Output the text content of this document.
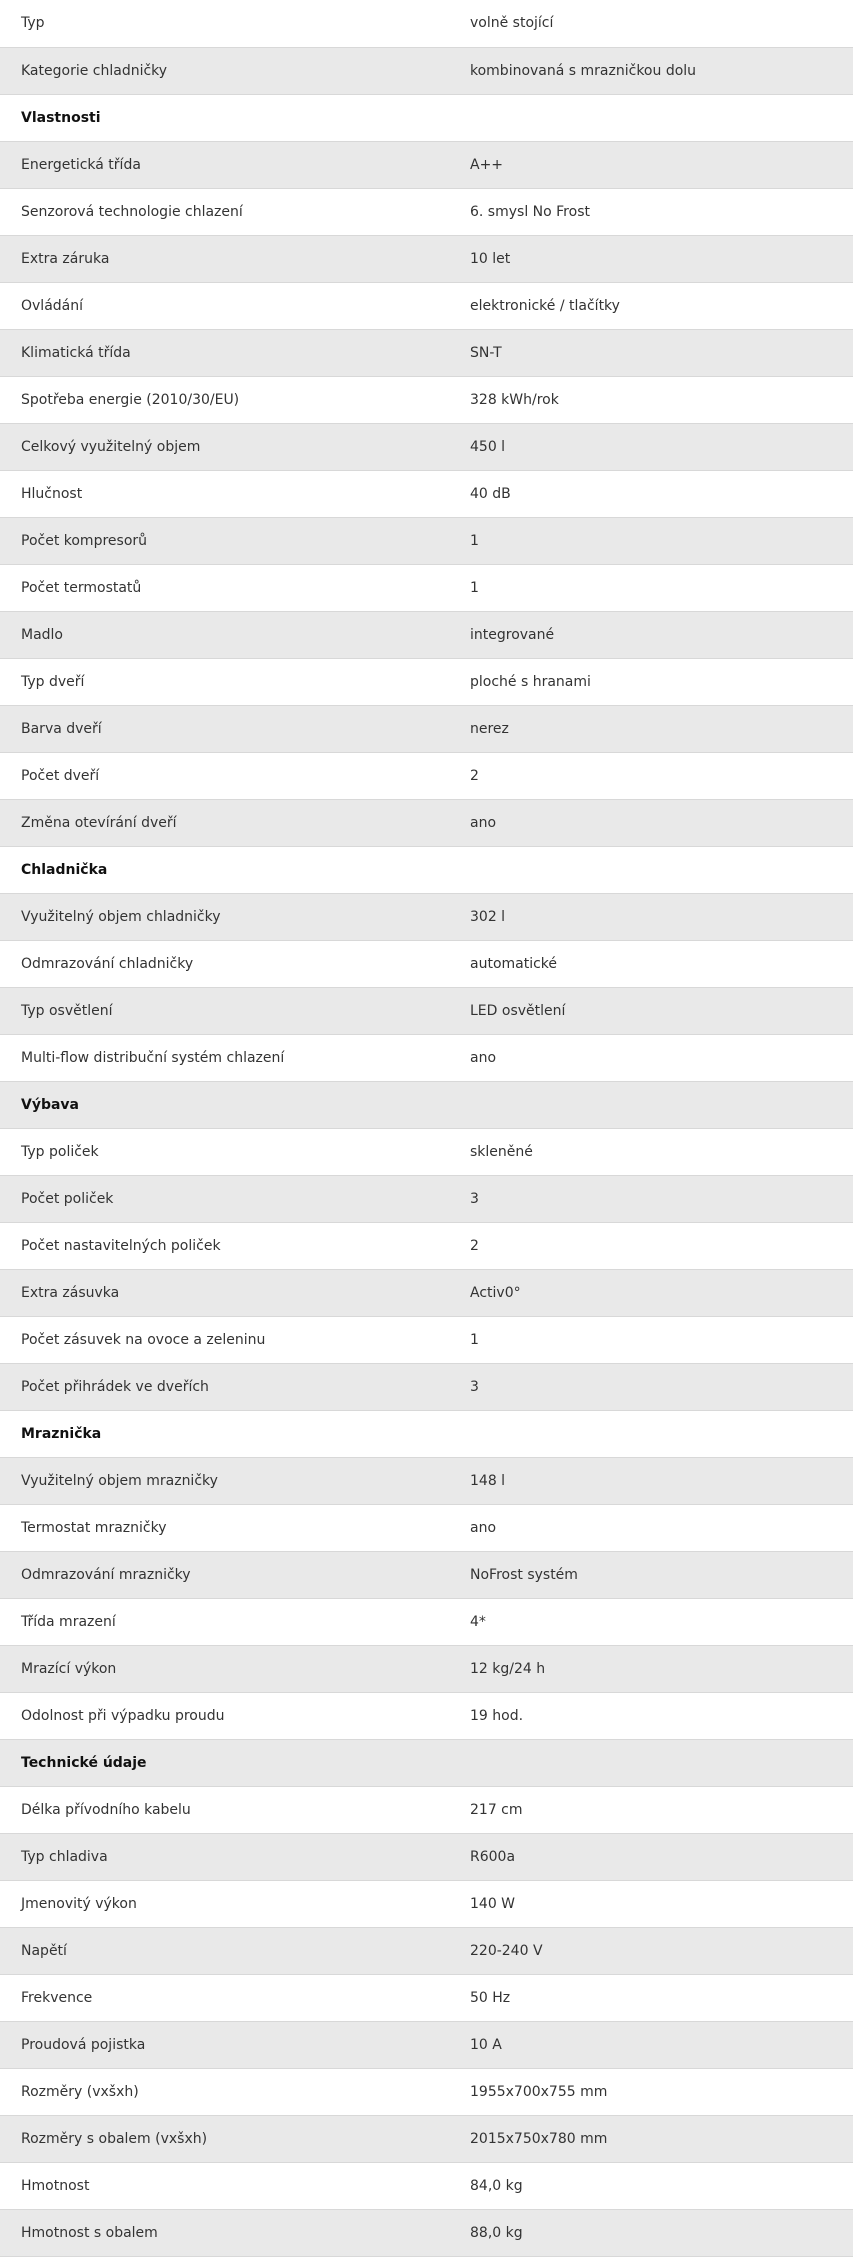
Typ	volně stojící
Kategorie chladničky	kombinovaná s mrazničkou dolu
Vlastnosti	
Energetická třída	A++
Senzorová technologie chlazení	6. smysl No Frost
Extra záruka	10 let
Ovládání	elektronické / tlačítky
Klimatická třída	SN-T
Spotřeba energie (2010/30/EU)	328 kWh/rok
Celkový využitelný objem	450 l
Hlučnost	40 dB
Počet kompresorů	1
Počet termostatů	1
Madlo	integrované
Typ dveří	ploché s hranami
Barva dveří	nerez
Počet dveří	2
Změna otevírání dveří	ano
Chladnička	
Využitelný objem chladničky	302 l
Odmrazování chladničky	automatické
Typ osvětlení	LED osvětlení
Multi-flow distribuční systém chlazení	ano
Výbava	
Typ poliček	skleněné
Počet poliček	3
Počet nastavitelných poliček	2
Extra zásuvka	Activ0°
Počet zásuvek na ovoce a zeleninu	1
Počet přihrádek ve dveřích	3
Mraznička	
Využitelný objem mrazničky	148 l
Termostat mrazničky	ano
Odmrazování mrazničky	NoFrost systém
Třída mrazení	4*
Mrazící výkon	12 kg/24 h
Odolnost při výpadku proudu	19 hod.
Technické údaje	
Délka přívodního kabelu	217 cm
Typ chladiva	R600a
Jmenovitý výkon	140 W
Napětí	220-240 V
Frekvence	50 Hz
Proudová pojistka	10 A
Rozměry (vxšxh)	1955x700x755 mm
Rozměry s obalem (vxšxh)	2015x750x780 mm
Hmotnost	84,0 kg
Hmotnost s obalem	88,0 kg
